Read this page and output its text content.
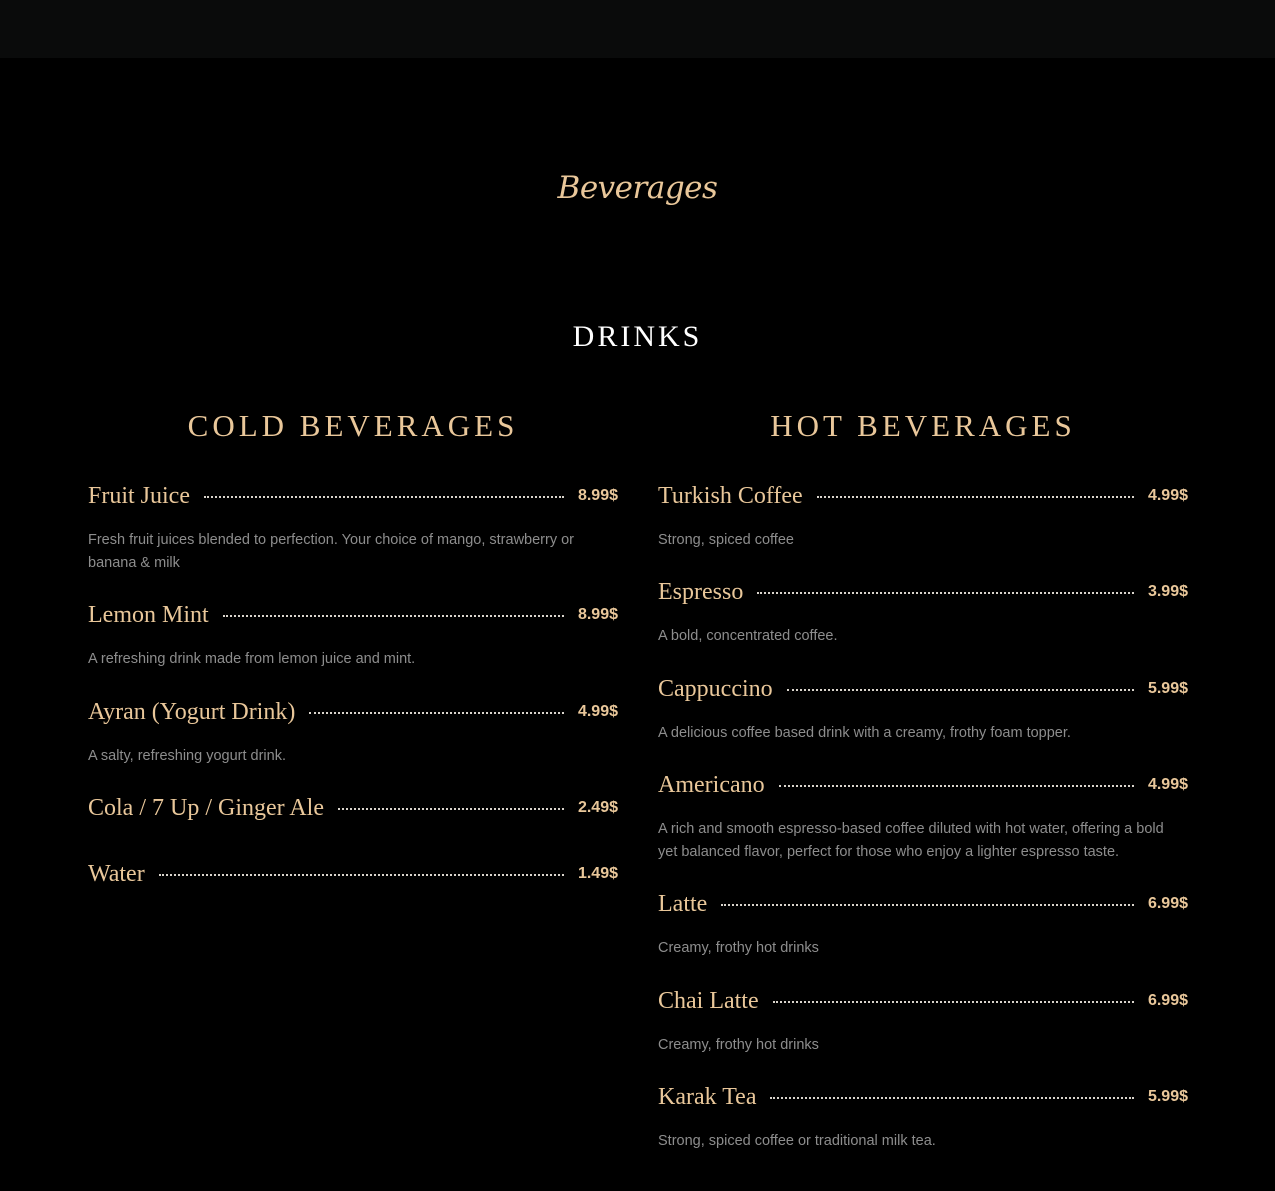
Beverages
DRINKS
COLD BEVERAGES	HOT BEVERAGES
Fruit Juice	8.99$
Fresh fruit juices blended to perfection. Your choice of mango, strawberry or banana & milk
Lemon Mint	8.99$
A refreshing drink made from lemon juice and mint.
Ayran (Yogurt Drink)	4.99$
A salty, refreshing yogurt drink.
Cola / 7 Up / Ginger Ale	2.49$
Water	1.49$
Turkish Coffee	4.99$
Strong, spiced coffee
Espresso	3.99$
A bold, concentrated coffee.
Cappuccino	5.99$
A delicious coffee based drink with a creamy, frothy foam topper.
Americano	4.99$
A rich and smooth espresso-based coffee diluted with hot water, offering a bold yet balanced flavor, perfect for those who enjoy a lighter espresso taste.
Latte	6.99$
Creamy, frothy hot drinks
Chai Latte	6.99$
Creamy, frothy hot drinks
Karak Tea	5.99$
Strong, spiced coffee or traditional milk tea.
